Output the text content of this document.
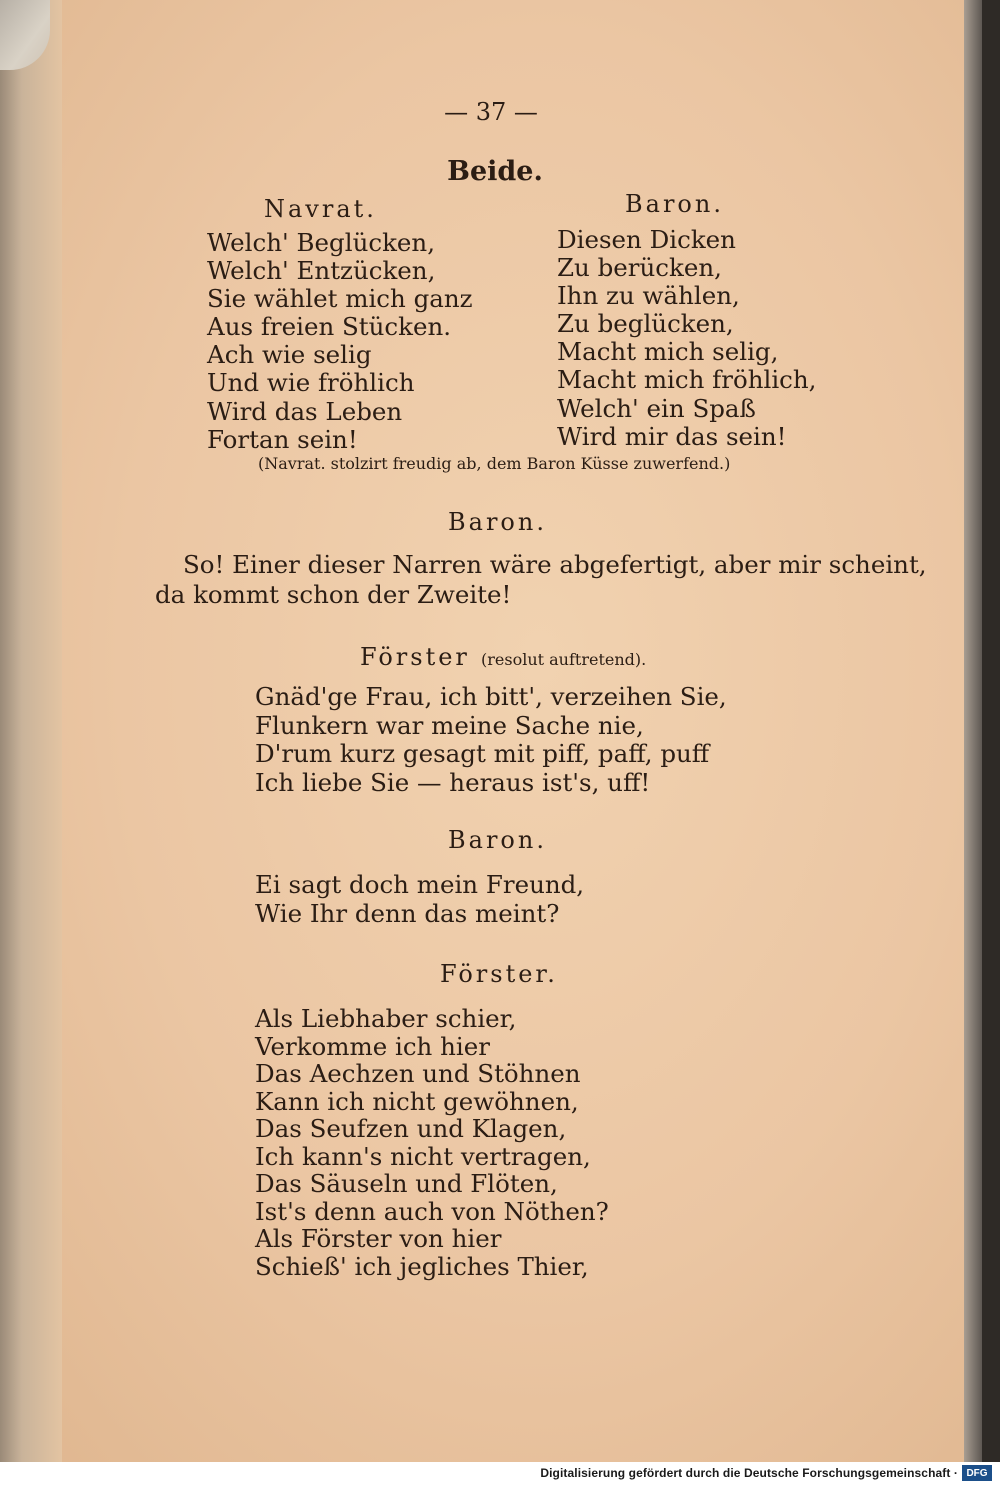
— 37 —
Beide.
Navrat.
Welch' Beglücken,
Welch' Entzücken,
Sie wählet mich ganz
Aus freien Stücken.
Ach wie selig
Und wie fröhlich
Wird das Leben
Fortan sein!
Baron.
Diesen Dicken
Zu berücken,
Ihn zu wählen,
Zu beglücken,
Macht mich selig,
Macht mich fröhlich,
Welch' ein Spaß
Wird mir das sein!
(Navrat. stolzirt freudig ab, dem Baron Küsse zuwerfend.)
Baron.
So! Einer dieser Narren wäre abgefertigt, aber mir scheint,
da kommt schon der Zweite!
Förster (resolut auftretend).
Gnäd'ge Frau, ich bitt', verzeihen Sie,
Flunkern war meine Sache nie,
D'rum kurz gesagt mit piff, paff, puff
Ich liebe Sie — heraus ist's, uff!
Baron.
Ei sagt doch mein Freund,
Wie Ihr denn das meint?
Förster.
Als Liebhaber schier,
Verkomme ich hier
Das Aechzen und Stöhnen
Kann ich nicht gewöhnen,
Das Seufzen und Klagen,
Ich kann's nicht vertragen,
Das Säuseln und Flöten,
Ist's denn auch von Nöthen?
Als Förster von hier
Schieß' ich jegliches Thier,
Digitalisierung gefördert durch die Deutsche Forschungsgemeinschaft · DFG
